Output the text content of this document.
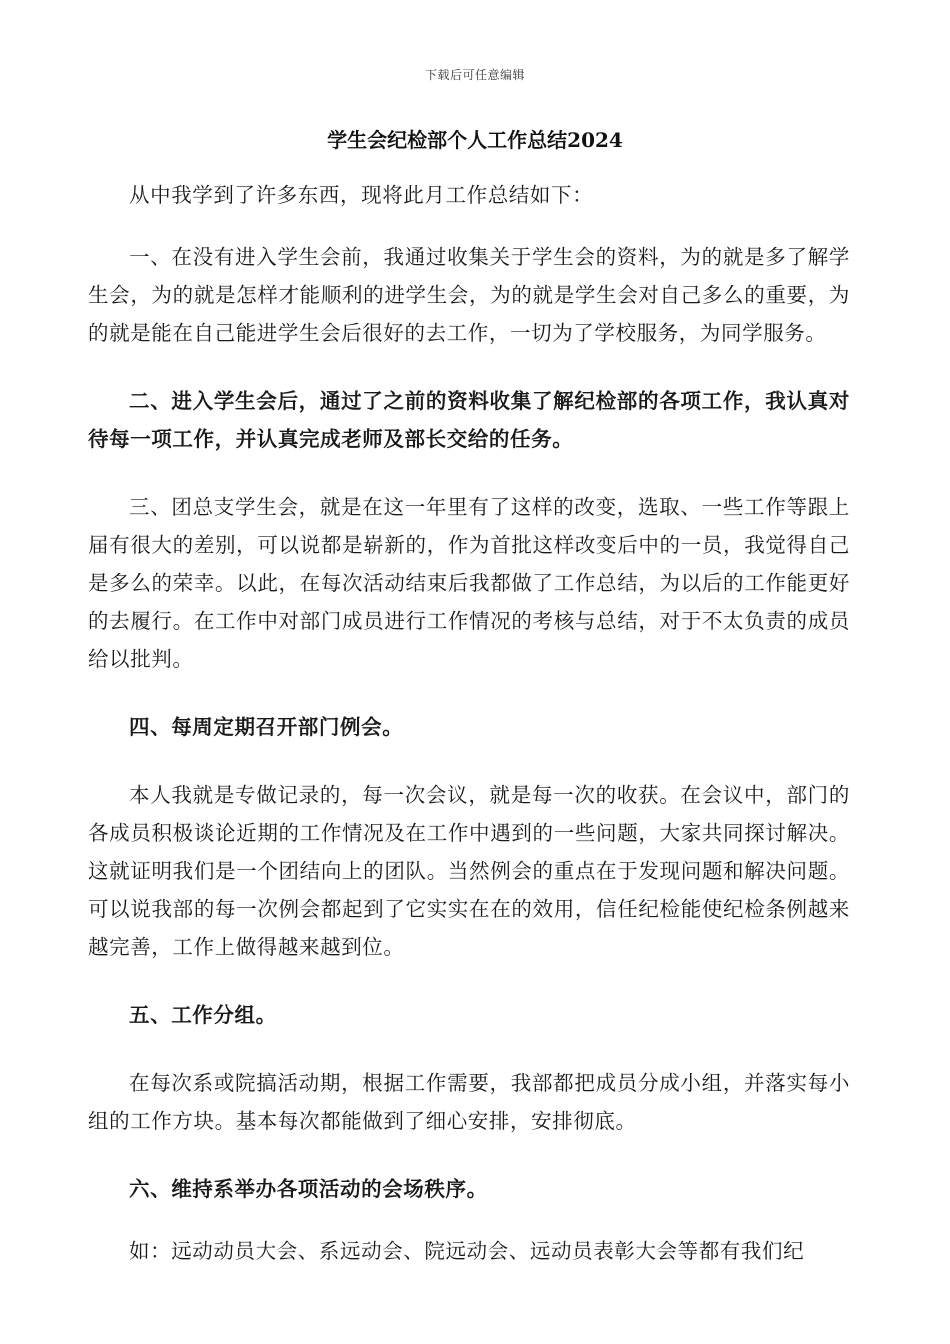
下载后可任意编辑
学生会纪检部个人工作总结2024

从中我学到了许多东西，现将此月工作总结如下：

一、在没有进入学生会前，我通过收集关于学生会的资料，为的就是多了解学生会，为的就是怎样才能顺利的进学生会，为的就是学生会对自己多么的重要，为的就是能在自己能进学生会后很好的去工作，一切为了学校服务，为同学服务。

二、进入学生会后，通过了之前的资料收集了解纪检部的各项工作，我认真对待每一项工作，并认真完成老师及部长交给的任务。

三、团总支学生会，就是在这一年里有了这样的改变，选取、一些工作等跟上届有很大的差别，可以说都是崭新的，作为首批这样改变后中的一员，我觉得自己是多么的荣幸。以此，在每次活动结束后我都做了工作总结，为以后的工作能更好的去履行。在工作中对部门成员进行工作情况的考核与总结，对于不太负责的成员给以批判。

四、每周定期召开部门例会。

本人我就是专做记录的，每一次会议，就是每一次的收获。在会议中，部门的各成员积极谈论近期的工作情况及在工作中遇到的一些问题，大家共同探讨解决。这就证明我们是一个团结向上的团队。当然例会的重点在于发现问题和解决问题。可以说我部的每一次例会都起到了它实实在在的效用，信任纪检能使纪检条例越来越完善，工作上做得越来越到位。

五、工作分组。

在每次系或院搞活动期，根据工作需要，我部都把成员分成小组，并落实每小组的工作方块。基本每次都能做到了细心安排，安排彻底。

六、维持系举办各项活动的会场秩序。

如：远动动员大会、系远动会、院远动会、远动员表彰大会等都有我们纪
